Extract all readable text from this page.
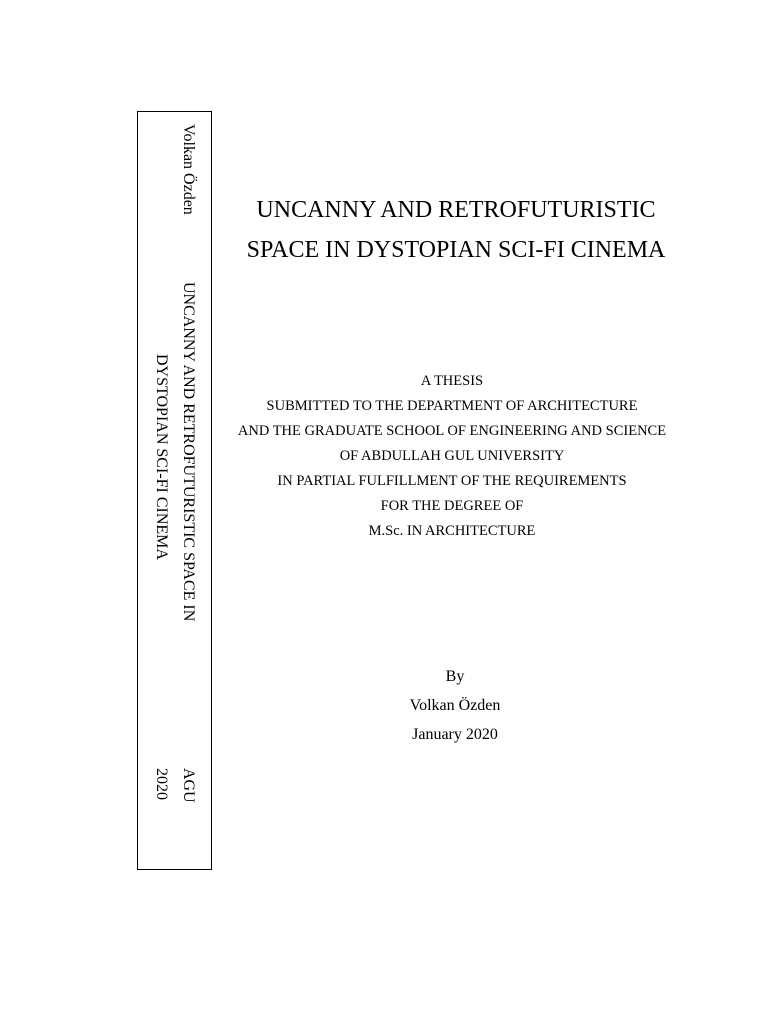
Volkan Özden
UNCANNY AND RETROFUTURISTIC SPACE IN
AGU
DYSTOPIAN SCI-FI CINEMA
2020
UNCANNY AND RETROFUTURISTIC
SPACE IN DYSTOPIAN SCI-FI CINEMA
A THESIS
SUBMITTED TO THE DEPARTMENT OF ARCHITECTURE
AND THE GRADUATE SCHOOL OF ENGINEERING AND SCIENCE
OF ABDULLAH GUL UNIVERSITY
IN PARTIAL FULFILLMENT OF THE REQUIREMENTS
FOR THE DEGREE OF
M.Sc. IN ARCHITECTURE
By
Volkan Özden
January 2020
